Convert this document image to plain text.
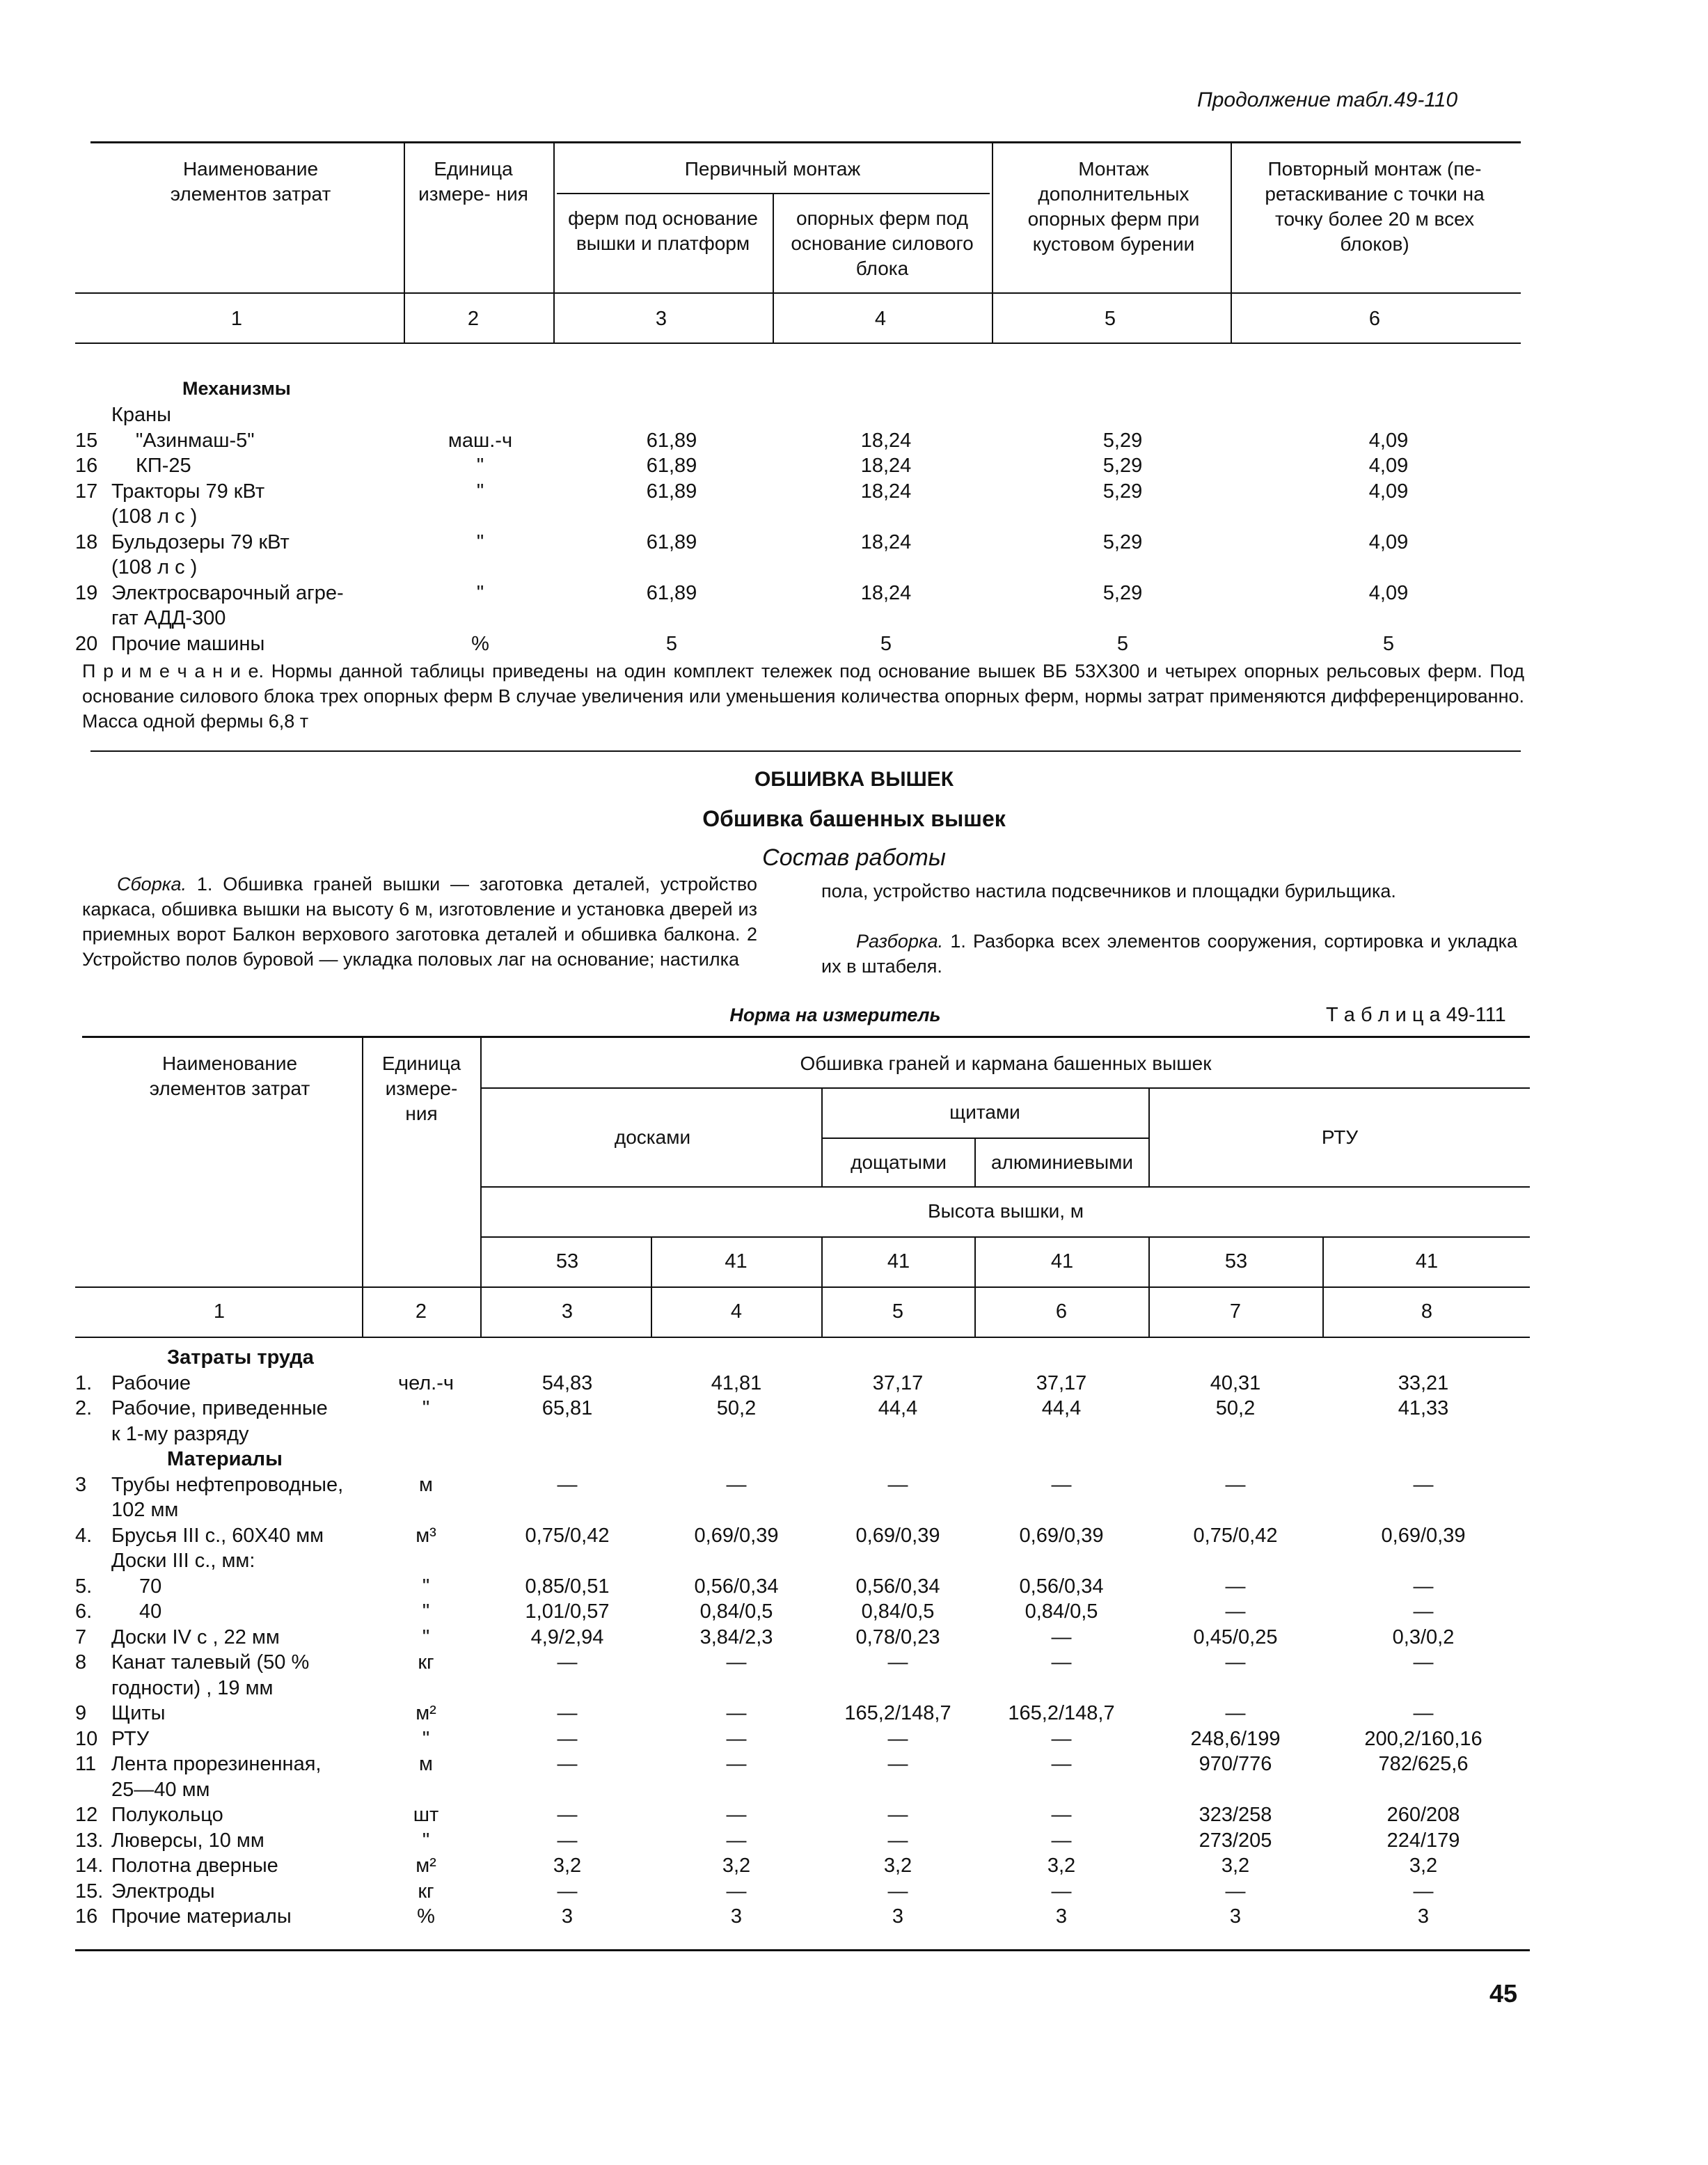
Продолжение табл.49-110
Наименование элементов затрат
Единица измере- ния
Первичный монтаж
ферм под основание вышки и платформ
опорных ферм под основание силового блока
Монтаж дополнительных опорных ферм при кустовом бурении
Повторный монтаж (пе- ретаскивание с точки на точку более 20 м всех блоков)
1	2	3	4	5	6
Механизмы
Краны
15 "Азинмаш-5"	маш.-ч	61,89	18,24	5,29	4,09
16 КП-25	"	61,89	18,24	5,29	4,09
17 Тракторы 79 кВт	"	61,89	18,24	5,29	4,09
(108 л с )
18 Бульдозеры 79 кВт	"	61,89	18,24	5,29	4,09
(108 л с )
19 Электросварочный агре-	"	61,89	18,24	5,29	4,09
гат АДД-300
20 Прочие машины	%	5	5	5	5
П р и м е ч а н и е. Нормы данной таблицы приведены на один комплект тележек под основание вышек ВБ 53Х300 и четырех опорных рельсовых ферм. Под основание силового блока трех опорных ферм В случае увеличения или уменьшения количества опорных ферм, нормы затрат применяются дифференцированно. Масса одной фермы 6,8 т
ОБШИВКА ВЫШЕК
Обшивка башенных вышек
Состав работы
Сборка. 1. Обшивка граней вышки — заготовка деталей, устройство каркаса, обшивка вышки на высоту 6 м, изготовление и установка дверей из приемных ворот Балкон верхового заготовка деталей и обшивка балкона. 2 Устройство полов буровой — укладка половых лаг на основание; настилка
пола, устройство настила подсвечников и площадки бурильщика.
Разборка. 1. Разборка всех элементов сооружения, сортировка и укладка их в штабеля.
Норма на измеритель	Т а б л и ц а 49-111
Наименование элементов затрат
Единица измере- ния
Обшивка граней и кармана башенных вышек
досками
щитами
дощатыми	алюминиевыми
РТУ
Высота вышки, м
53	41	41	41	53	41
1	2	3	4	5	6	7	8
Затраты труда
1. Рабочие	чел.-ч	54,83	41,81	37,17	37,17	40,31	33,21
2. Рабочие, приведенные	"	65,81	50,2	44,4	44,4	50,2	41,33
к 1-му разряду
Материалы
3 Трубы нефтепроводные,	м	—	—	—	—	—	—
102 мм
4. Брусья III с., 60Х40 мм	м³	0,75/0,42	0,69/0,39	0,69/0,39	0,69/0,39	0,75/0,42	0,69/0,39
Доски III с., мм:
5. 70	"	0,85/0,51	0,56/0,34	0,56/0,34	0,56/0,34	—	—
6. 40	"	1,01/0,57	0,84/0,5	0,84/0,5	0,84/0,5	—	—
7 Доски IV с , 22 мм	"	4,9/2,94	3,84/2,3	0,78/0,23	—	0,45/0,25	0,3/0,2
8 Канат талевый (50 %	кг	—	—	—	—	—	—
годности) , 19 мм
9 Щиты	м²	—	—	165,2/148,7	165,2/148,7	—	—
10 РТУ	"	—	—	—	—	248,6/199	200,2/160,16
11 Лента прорезиненная,	м	—	—	—	—	970/776	782/625,6
25—40 мм
12 Полукольцо	шт	—	—	—	—	323/258	260/208
13. Люверсы, 10 мм	"	—	—	—	—	273/205	224/179
14. Полотна дверные	м²	3,2	3,2	3,2	3,2	3,2	3,2
15. Электроды	кг	—	—	—	—	—	—
16 Прочие материалы	%	3	3	3	3	3	3
45
